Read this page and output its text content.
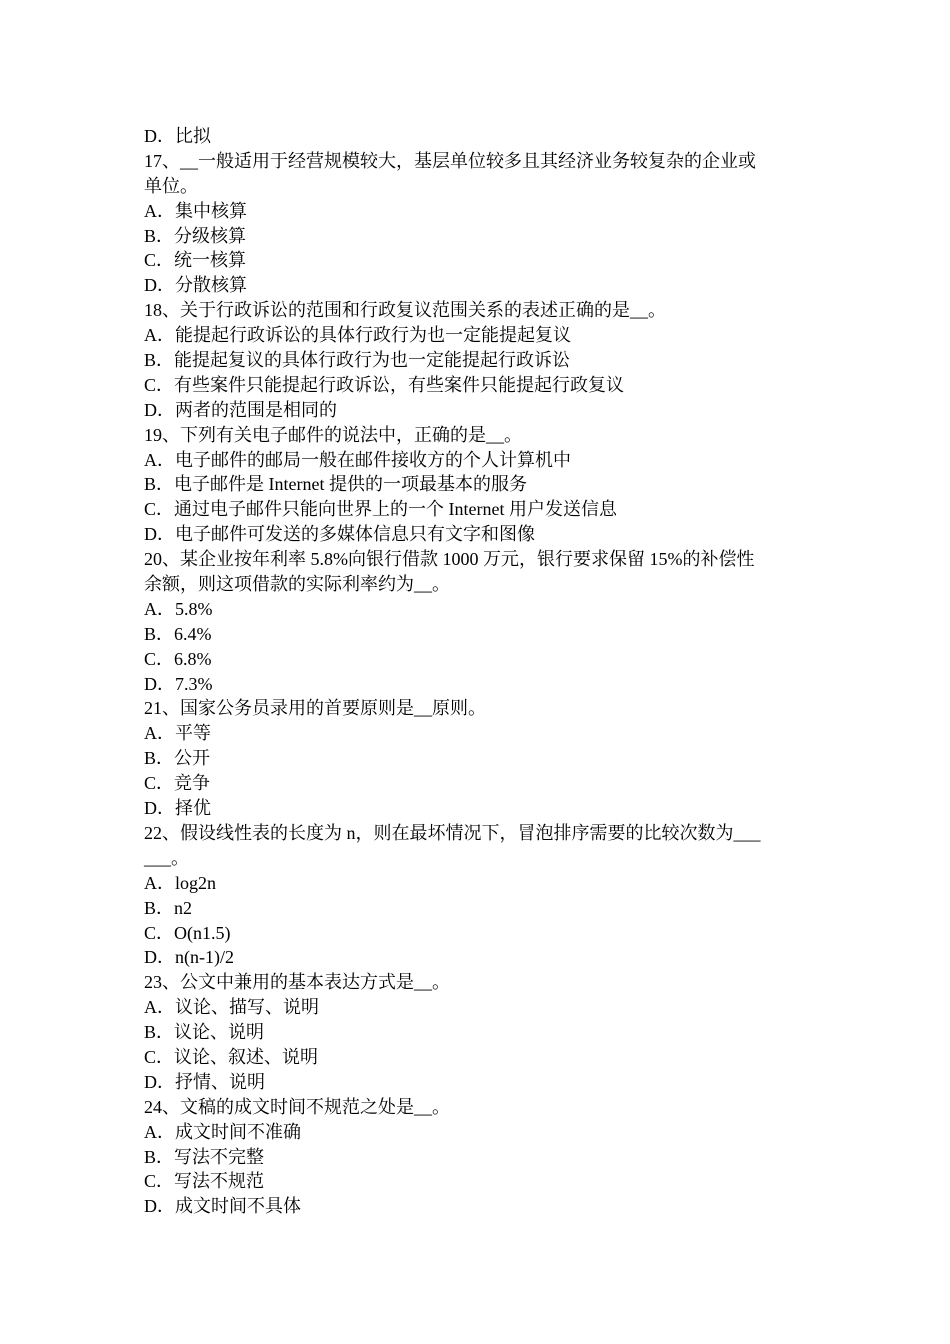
D．比拟
17、__一般适用于经营规模较大，基层单位较多且其经济业务较复杂的企业或
单位。
A．集中核算
B．分级核算
C．统一核算
D．分散核算
18、关于行政诉讼的范围和行政复议范围关系的表述正确的是__。
A．能提起行政诉讼的具体行政行为也一定能提起复议
B．能提起复议的具体行政行为也一定能提起行政诉讼
C．有些案件只能提起行政诉讼，有些案件只能提起行政复议
D．两者的范围是相同的
19、下列有关电子邮件的说法中，正确的是__。
A．电子邮件的邮局一般在邮件接收方的个人计算机中
B．电子邮件是 Internet 提供的一项最基本的服务
C．通过电子邮件只能向世界上的一个 Internet 用户发送信息
D．电子邮件可发送的多媒体信息只有文字和图像
20、某企业按年利率 5.8%向银行借款 1000 万元，银行要求保留 15%的补偿性
余额，则这项借款的实际利率约为__。
A．5.8%
B．6.4%
C．6.8%
D．7.3%
21、国家公务员录用的首要原则是__原则。
A．平等
B．公开
C．竞争
D．择优
22、假设线性表的长度为 n，则在最坏情况下，冒泡排序需要的比较次数为___
___。
A．log2n
B．n2
C．O(n1.5)
D．n(n-1)/2
23、公文中兼用的基本表达方式是__。
A．议论、描写、说明
B．议论、说明
C．议论、叙述、说明
D．抒情、说明
24、文稿的成文时间不规范之处是__。
A．成文时间不准确
B．写法不完整
C．写法不规范
D．成文时间不具体
